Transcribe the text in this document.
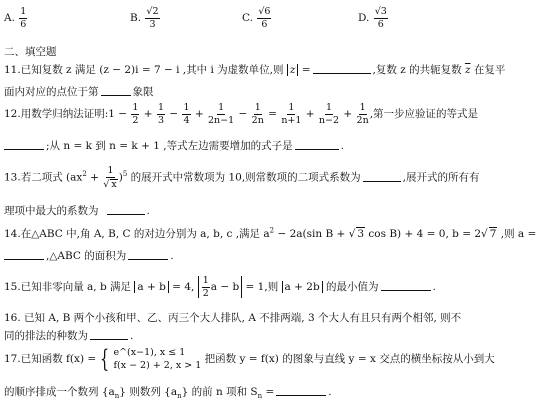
A. $\frac{1}{6}$	B. $\frac{√2}{3}$	C. $\frac{√6}{6}$	D. $\frac{√3}{6}$
二、填空题
11.已知复数 z 满足 (z − 2)i = 7 − i ,其中 i 为虚数单位,则 z =	,复数 z 的共轭复数 $\overline{z}$ 在复平
面内对应的点位于第	象限
12.用数学归纳法证明:1 − $\frac{1}{2} + \frac{1}{3} - \frac{1}{4} + \frac{1}{2n-1} - \frac{1}{2n} = \frac{1}{n+1} + \frac{1}{n-2} + \frac{1}{2n}$ ,第一步应验证的等式是
;从 n = k 到 n = k + 1 ,等式左边需要增加的式子是	.
13.若二项式 $(ax^2 + \frac{1}{√ x} )^5$ 的展开式中常数项为 10,则常数项的二项式系数为	,展开式的所有有
理项中最大的系数为	.
14.在△ABC 中,角 A, B, C 的对边分别为 a, b, c ,满足 $a^2 - 2a(\sin$ B + √ 3 cos B) + 4 = 0, b = 2√ 7 ,则 a =
,△ABC 的面积为	.
15.已知非零向量 a, b 满足 a + b = 4, $\frac{1}{2}$ a − b = 1,则 a + 2b 的最小值为	.
16. 已知 A, B 两个小孩和甲、乙、丙三个大人排队, A 不排两端, 3 个大人有且只有两个相邻, 则不
同的排法的种数为	.
17.已知函数 f(x) = { e^(x−1), x ≤ 1
f(x − 2) + 2, x > 1
把函数 y = f(x) 的图象与直线 y = x 交点的横坐标按从小到大
的顺序排成一个数列 $\{a_n\}$ 则数列 $\{a_n\}$ 的前 n 项和 $S_n$ =	.
